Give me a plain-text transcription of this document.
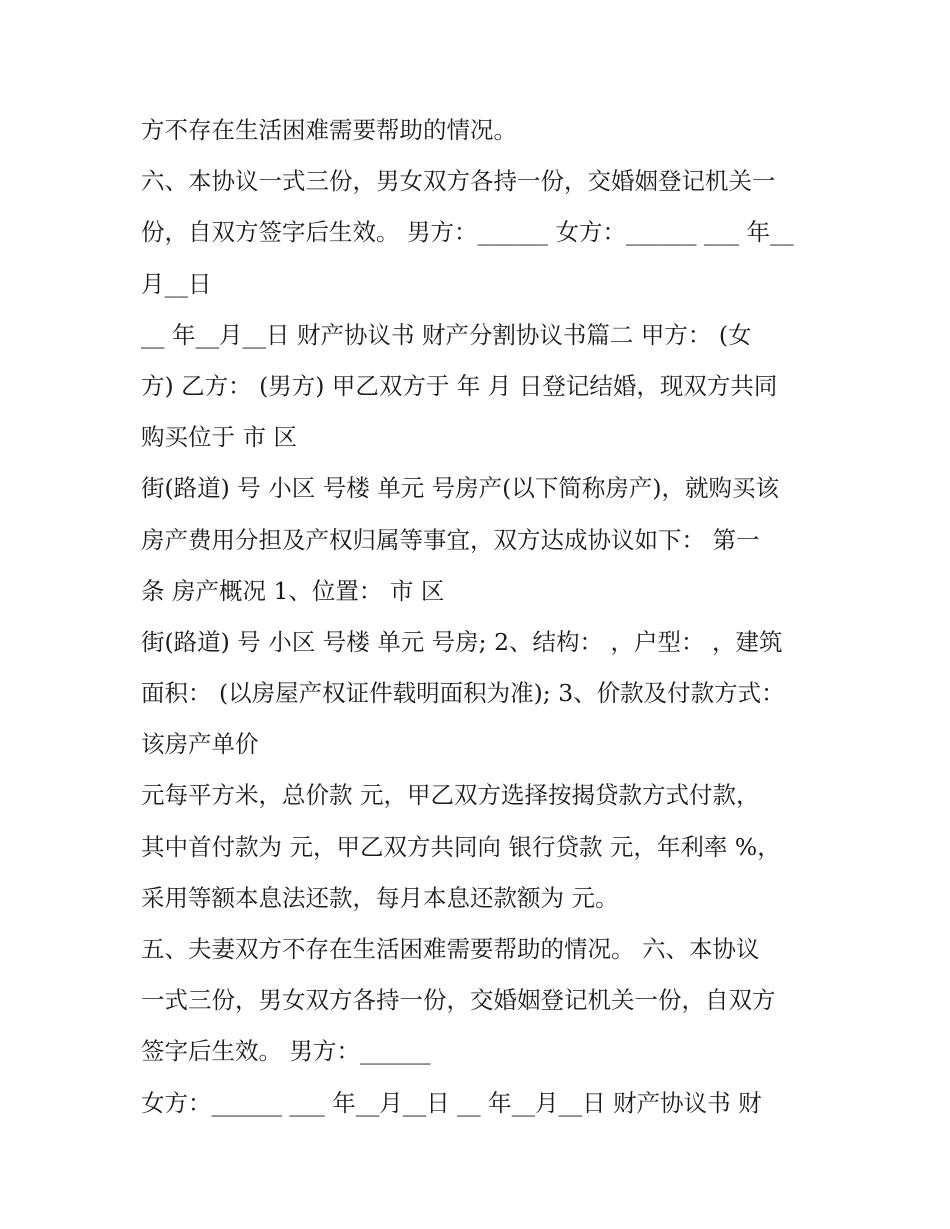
方不存在生活困难需要帮助的情况。
六、本协议一式三份，男女双方各持一份，交婚姻登记机关一
份，自双方签字后生效。 男方：______ 女方：______ ___ 年__
月__日
__ 年__月__日 财产协议书 财产分割协议书篇二 甲方： (女
方) 乙方： (男方) 甲乙双方于 年 月 日登记结婚，现双方共同
购买位于 市 区
街(路道) 号 小区 号楼 单元 号房产(以下简称房产)，就购买该
房产费用分担及产权归属等事宜，双方达成协议如下： 第一
条 房产概况 1、位置： 市 区
街(路道) 号 小区 号楼 单元 号房; 2、结构： ，户型： ，建筑
面积： (以房屋产权证件载明面积为准); 3、价款及付款方式：
该房产单价
元每平方米，总价款 元，甲乙双方选择按揭贷款方式付款，
其中首付款为 元，甲乙双方共同向 银行贷款 元，年利率 %，
采用等额本息法还款，每月本息还款额为 元。
五、夫妻双方不存在生活困难需要帮助的情况。 六、本协议
一式三份，男女双方各持一份，交婚姻登记机关一份，自双方
签字后生效。 男方：______
女方：______ ___ 年__月__日 __ 年__月__日 财产协议书 财
